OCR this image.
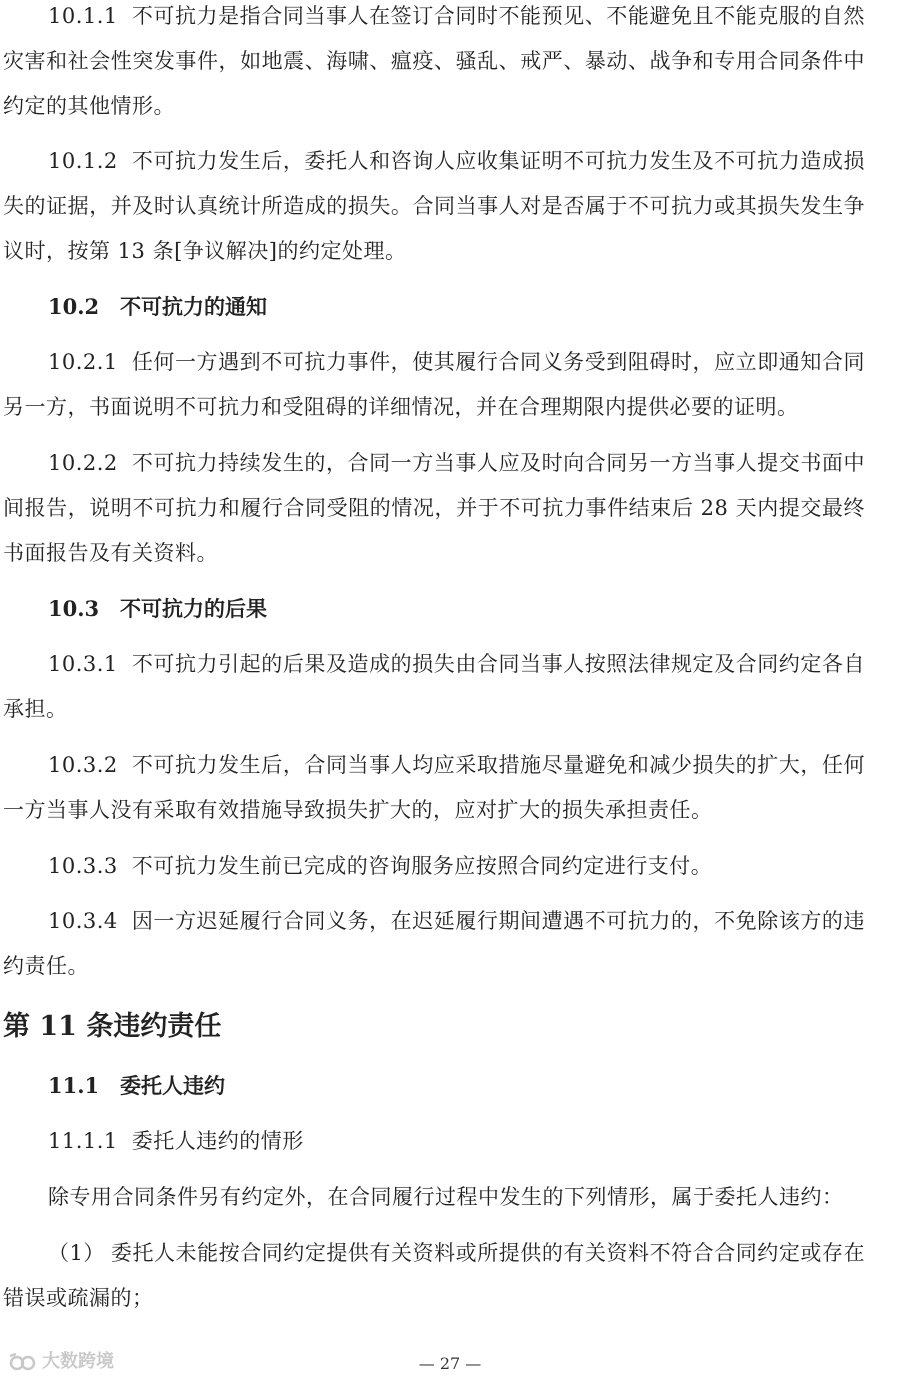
10.1.1 不可抗力是指合同当事人在签订合同时不能预见、不能避免且不能克服的自然灾害和社会性突发事件，如地震、海啸、瘟疫、骚乱、戒严、暴动、战争和专用合同条件中约定的其他情形。

10.1.2 不可抗力发生后，委托人和咨询人应收集证明不可抗力发生及不可抗力造成损失的证据，并及时认真统计所造成的损失。合同当事人对是否属于不可抗力或其损失发生争议时，按第 13 条[争议解决]的约定处理。

10.2 不可抗力的通知

10.2.1 任何一方遇到不可抗力事件，使其履行合同义务受到阻碍时，应立即通知合同另一方，书面说明不可抗力和受阻碍的详细情况，并在合理期限内提供必要的证明。

10.2.2 不可抗力持续发生的，合同一方当事人应及时向合同另一方当事人提交书面中间报告，说明不可抗力和履行合同受阻的情况，并于不可抗力事件结束后 28 天内提交最终书面报告及有关资料。

10.3 不可抗力的后果

10.3.1 不可抗力引起的后果及造成的损失由合同当事人按照法律规定及合同约定各自承担。

10.3.2 不可抗力发生后，合同当事人均应采取措施尽量避免和减少损失的扩大，任何一方当事人没有采取有效措施导致损失扩大的，应对扩大的损失承担责任。

10.3.3 不可抗力发生前已完成的咨询服务应按照合同约定进行支付。

10.3.4 因一方迟延履行合同义务，在迟延履行期间遭遇不可抗力的，不免除该方的违约责任。

第 11 条违约责任
11.1 委托人违约

11.1.1 委托人违约的情形

除专用合同条件另有约定外，在合同履行过程中发生的下列情形，属于委托人违约：

（1） 委托人未能按合同约定提供有关资料或所提供的有关资料不符合合同约定或存在错误或疏漏的；

— 27 —
大数跨境
